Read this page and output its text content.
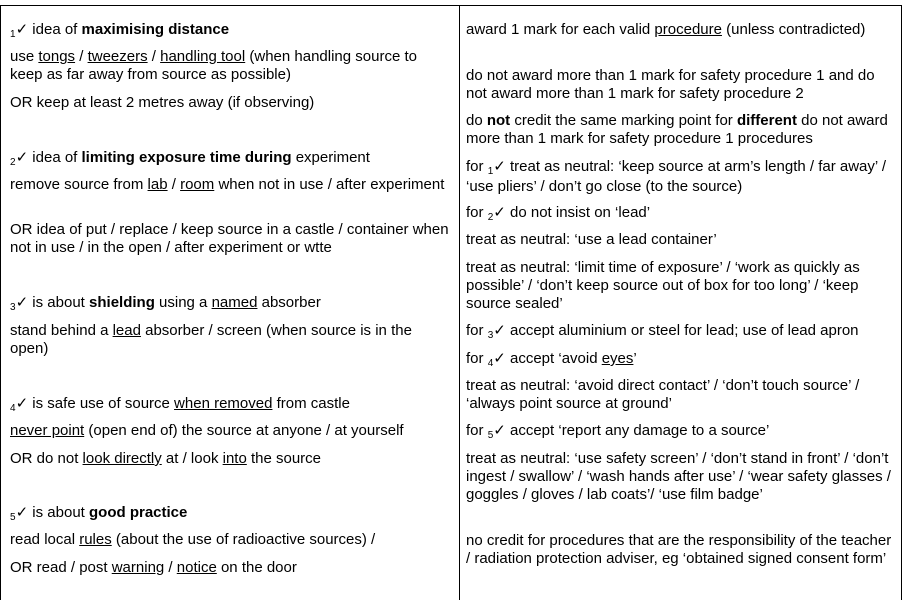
$_1$✓ idea of maximising distance

use tongs / tweezers / handling tool (when handling source to keep as far away from source as possible)

OR keep at least 2 metres away (if observing)

$_2$✓ idea of limiting exposure time during experiment

remove source from lab / room when not in use / after experiment

OR idea of put / replace / keep source in a castle / container when not in use / in the open / after experiment or wtte

$_3$✓ is about shielding using a named absorber

stand behind a lead absorber / screen (when source is in the open)

$_4$✓ is safe use of source when removed from castle

never point (open end of) the source at anyone / at yourself

OR do not look directly at / look into the source

$_5$✓ is about good practice

read local rules (about the use of radioactive sources) /

OR read / post warning / notice on the door

award 1 mark for each valid procedure (unless contradicted)

do not award more than 1 mark for safety procedure 1 and do not award more than 1 mark for safety procedure 2

do not credit the same marking point for different do not award more than 1 mark for safety procedure 1 procedures

for $_1$✓ treat as neutral: ‘keep source at arm’s length / far away’ / ‘use pliers’ / don’t go close (to the source)

for $_2$✓ do not insist on ‘lead’

treat as neutral: ‘use a lead container’

treat as neutral: ‘limit time of exposure’ / ‘work as quickly as possible’ / ‘don’t keep source out of box for too long’ / ‘keep source sealed’

for $_3$✓ accept aluminium or steel for lead; use of lead apron

for $_4$✓ accept ‘avoid eyes’

treat as neutral: ‘avoid direct contact’ / ‘don’t touch source’ / ‘always point source at ground’

for $_5$✓ accept ‘report any damage to a source’

treat as neutral: ‘use safety screen’ / ‘don’t stand in front’ / ‘don’t ingest / swallow’ / ‘wash hands after use’ / ‘wear safety glasses / goggles / gloves / lab coats’/ ‘use film badge’

no credit for procedures that are the responsibility of the teacher / radiation protection adviser, eg ‘obtained signed consent form’
